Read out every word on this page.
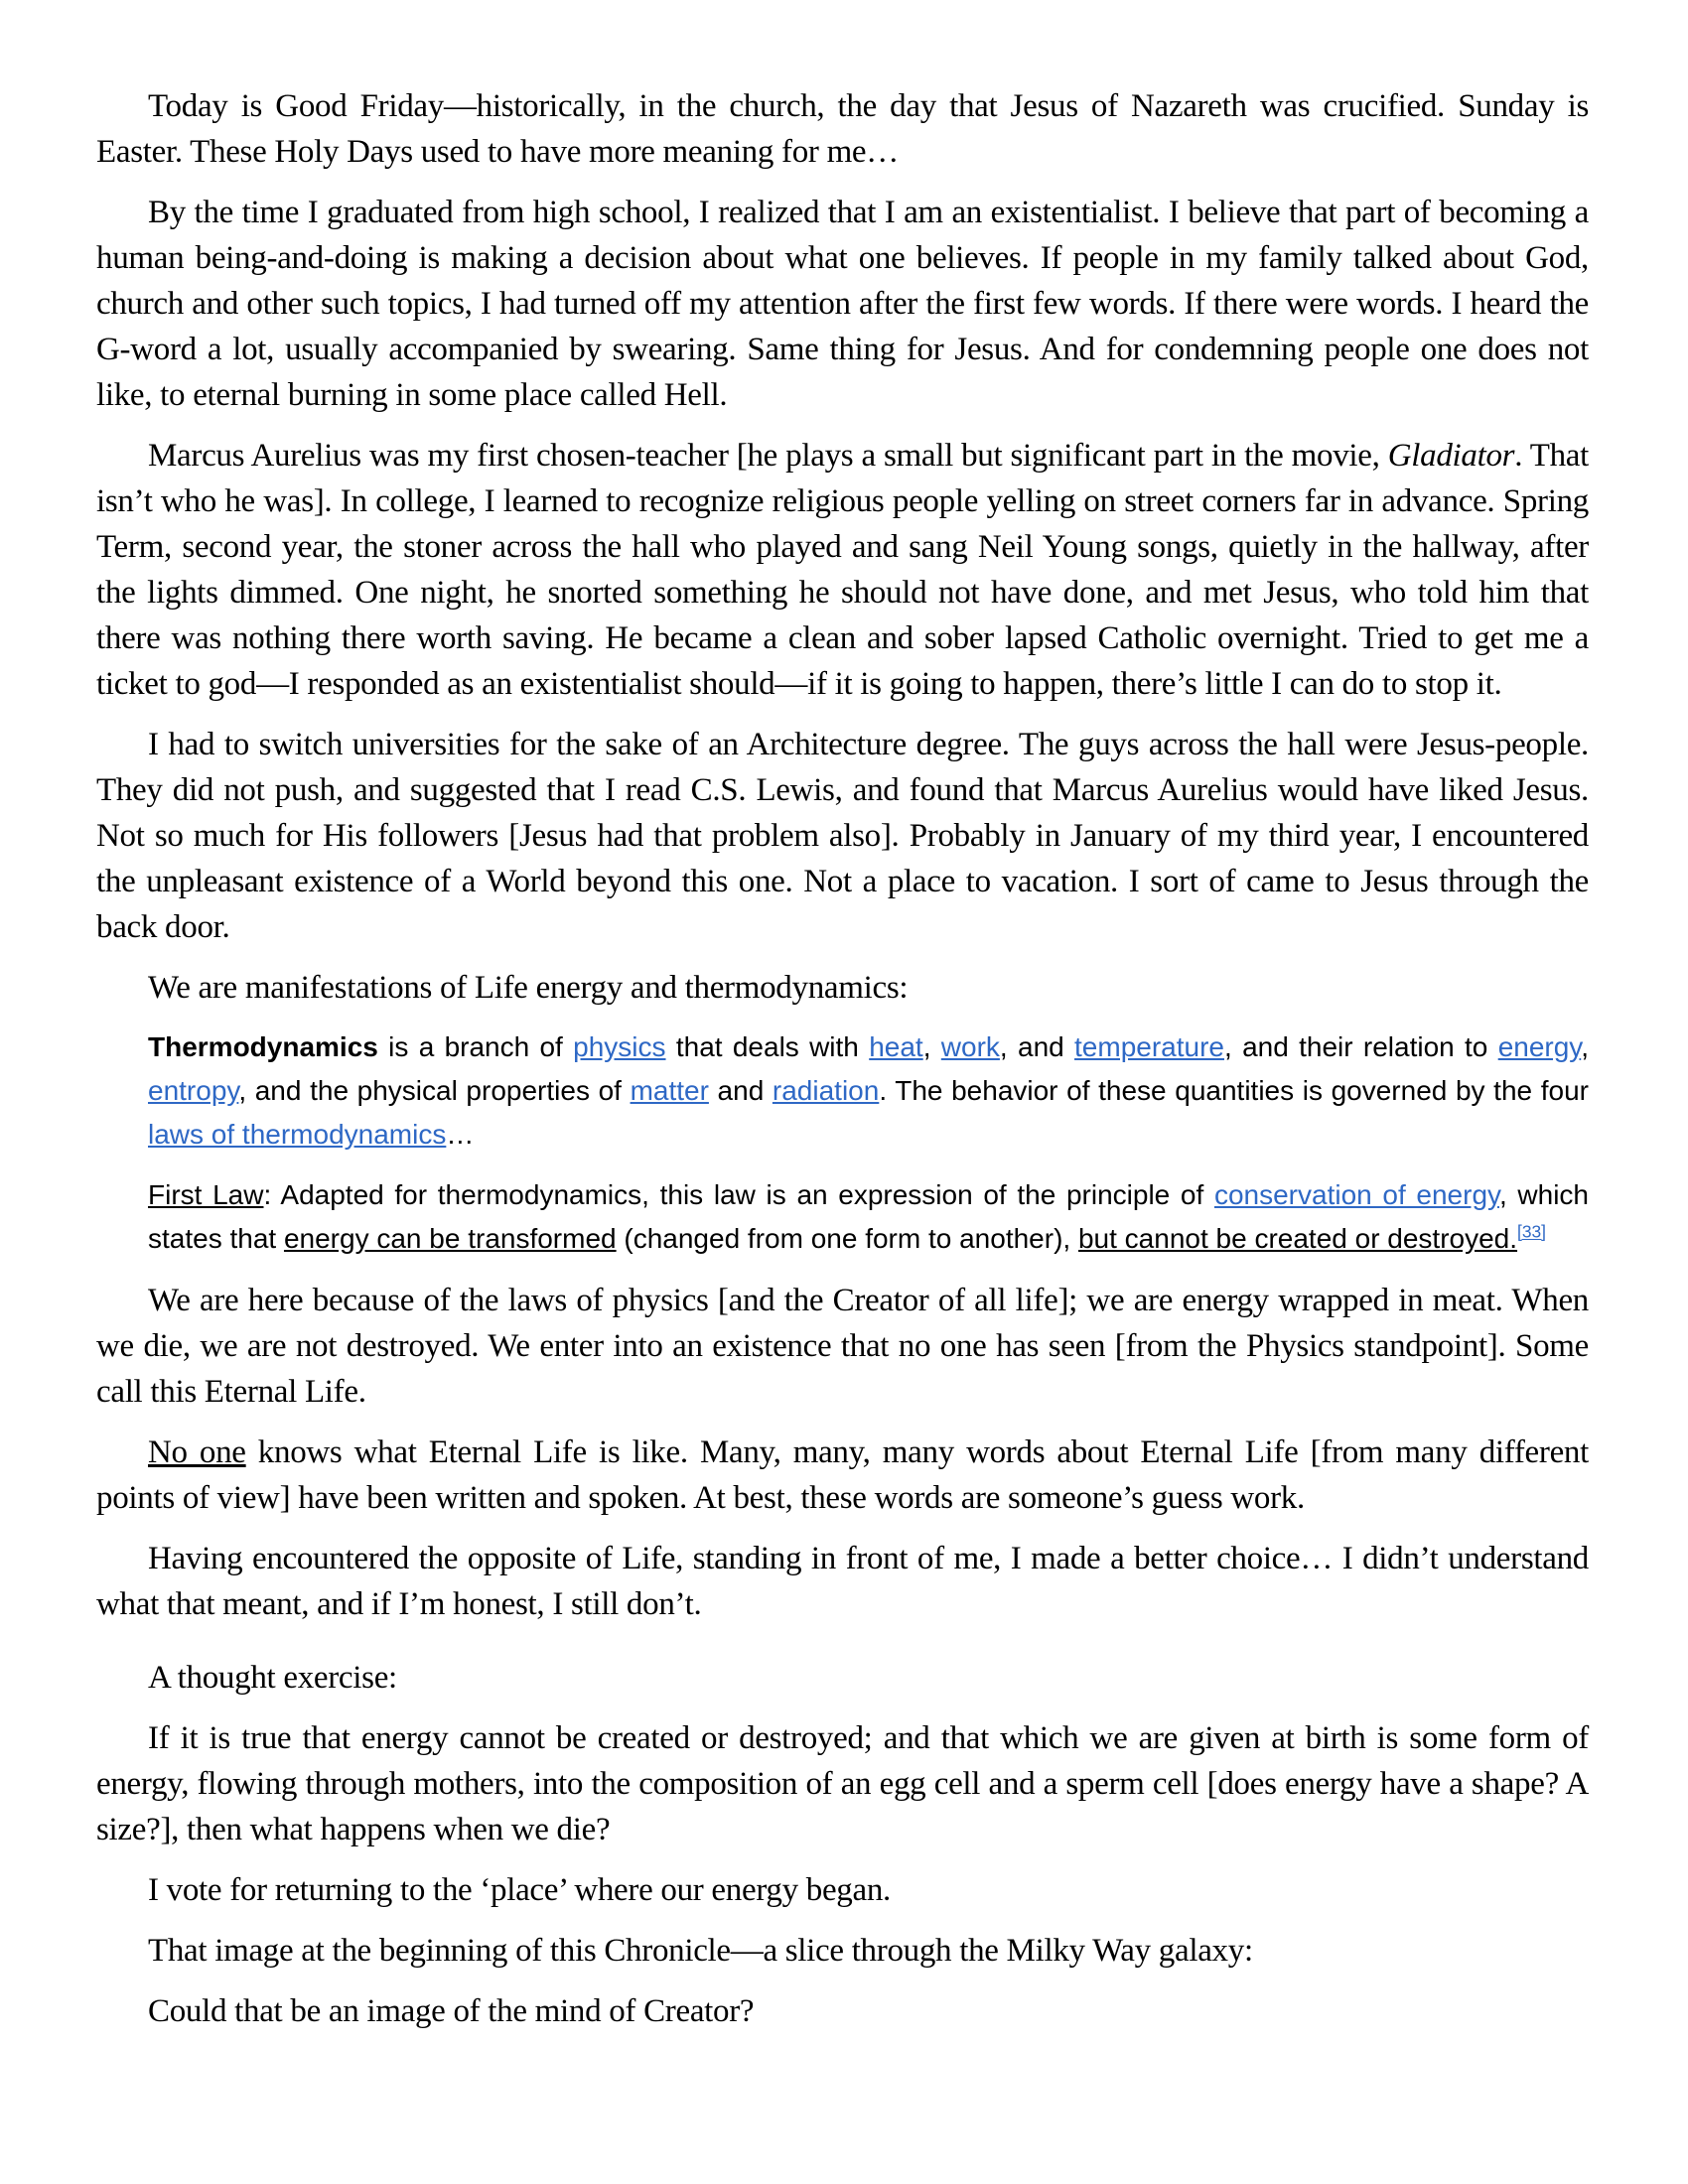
Today is Good Friday—historically, in the church, the day that Jesus of Nazareth was crucified. Sunday is Easter. These Holy Days used to have more meaning for me…

By the time I graduated from high school, I realized that I am an existentialist. I believe that part of becoming a human being-and-doing is making a decision about what one believes. If people in my family talked about God, church and other such topics, I had turned off my attention after the first few words. If there were words. I heard the G-word a lot, usually accompanied by swearing. Same thing for Jesus. And for condemning people one does not like, to eternal burning in some place called Hell.

Marcus Aurelius was my first chosen-teacher [he plays a small but significant part in the movie, Gladiator. That isn’t who he was]. In college, I learned to recognize religious people yelling on street corners far in advance. Spring Term, second year, the stoner across the hall who played and sang Neil Young songs, quietly in the hallway, after the lights dimmed. One night, he snorted something he should not have done, and met Jesus, who told him that there was nothing there worth saving. He became a clean and sober lapsed Catholic overnight. Tried to get me a ticket to god—I responded as an existentialist should—if it is going to happen, there’s little I can do to stop it.

I had to switch universities for the sake of an Architecture degree. The guys across the hall were Jesus-people. They did not push, and suggested that I read C.S. Lewis, and found that Marcus Aurelius would have liked Jesus. Not so much for His followers [Jesus had that problem also]. Probably in January of my third year, I encountered the unpleasant existence of a World beyond this one. Not a place to vacation. I sort of came to Jesus through the back door.

We are manifestations of Life energy and thermodynamics:

Thermodynamics is a branch of physics that deals with heat, work, and temperature, and their relation to energy, entropy, and the physical properties of matter and radiation. The behavior of these quantities is governed by the four laws of thermodynamics…

First Law: Adapted for thermodynamics, this law is an expression of the principle of conservation of energy, which states that energy can be transformed (changed from one form to another), but cannot be created or destroyed.[33]

We are here because of the laws of physics [and the Creator of all life]; we are energy wrapped in meat. When we die, we are not destroyed. We enter into an existence that no one has seen [from the Physics standpoint]. Some call this Eternal Life.

No one knows what Eternal Life is like. Many, many, many words about Eternal Life [from many different points of view] have been written and spoken. At best, these words are someone’s guess work.

Having encountered the opposite of Life, standing in front of me, I made a better choice… I didn’t understand what that meant, and if I’m honest, I still don’t.

A thought exercise:

If it is true that energy cannot be created or destroyed; and that which we are given at birth is some form of energy, flowing through mothers, into the composition of an egg cell and a sperm cell [does energy have a shape? A size?], then what happens when we die?

I vote for returning to the ‘place’ where our energy began.

That image at the beginning of this Chronicle—a slice through the Milky Way galaxy:

Could that be an image of the mind of Creator?
